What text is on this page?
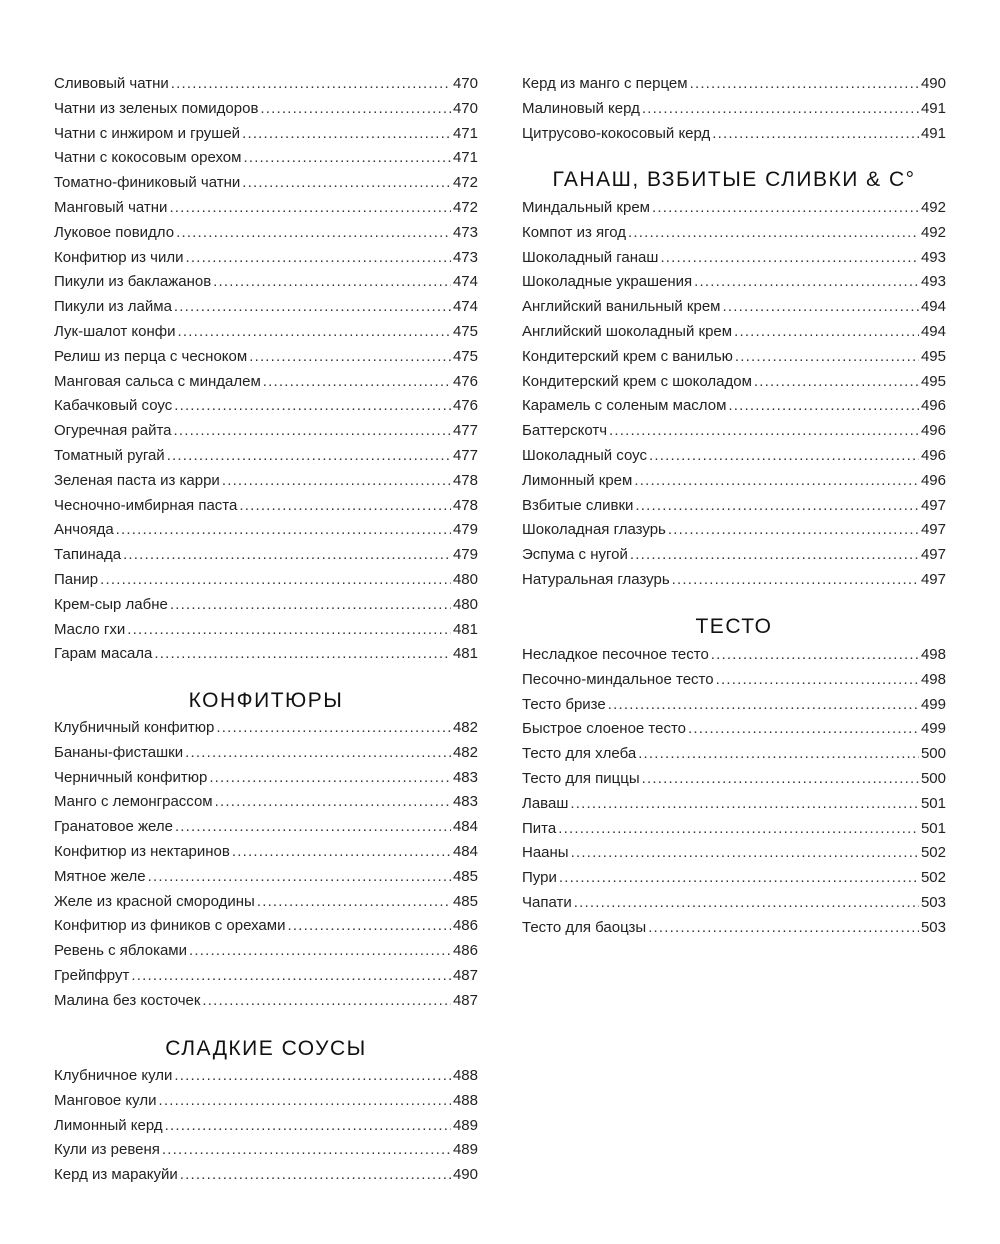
Сливовый чатни .....	470
Чатни из зеленых помидоров .....	470
Чатни с инжиром и грушей .....	471
Чатни с кокосовым орехом .....	471
Томатно-финиковый чатни .....	472
Манговый чатни .....	472
Луковое повидло .....	473
Конфитюр из чили .....	473
Пикули из баклажанов .....	474
Пикули из лайма .....	474
Лук-шалот конфи .....	475
Релиш из перца с чесноком .....	475
Манговая сальса с миндалем .....	476
Кабачковый соус .....	476
Огуречная райта .....	477
Томатный ругай .....	477
Зеленая паста из карри .....	478
Чесночно-имбирная паста .....	478
Анчояда .....	479
Тапинада .....	479
Панир .....	480
Крем-сыр лабне .....	480
Масло гхи .....	481
Гарам масала .....	481
КОНФИТЮРЫ
Клубничный конфитюр .....	482
Бананы-фисташки .....	482
Черничный конфитюр .....	483
Манго с лемонграссом .....	483
Гранатовое желе .....	484
Конфитюр из нектаринов .....	484
Мятное желе .....	485
Желе из красной смородины .....	485
Конфитюр из фиников с орехами .....	486
Ревень с яблоками .....	486
Грейпфрут .....	487
Малина без косточек .....	487
СЛАДКИЕ СОУСЫ
Клубничное кули .....	488
Манговое кули .....	488
Лимонный керд .....	489
Кули из ревеня .....	489
Керд из маракуйи .....	490
Керд из манго с перцем .....	490
Малиновый керд .....	491
Цитрусово-кокосовый керд .....	491
ГАНАШ, ВЗБИТЫЕ СЛИВКИ & C°
Миндальный крем .....	492
Компот из ягод .....	492
Шоколадный ганаш .....	493
Шоколадные украшения .....	493
Английский ванильный крем .....	494
Английский шоколадный крем .....	494
Кондитерский крем с ванилью .....	495
Кондитерский крем с шоколадом .....	495
Карамель с соленым маслом .....	496
Баттерскотч .....	496
Шоколадный соус .....	496
Лимонный крем .....	496
Взбитые сливки .....	497
Шоколадная глазурь .....	497
Эспума с нугой .....	497
Натуральная глазурь .....	497
ТЕСТО
Несладкое песочное тесто .....	498
Песочно-миндальное тесто .....	498
Тесто бризе .....	499
Быстрое слоеное тесто .....	499
Тесто для хлеба .....	500
Тесто для пиццы .....	500
Лаваш .....	501
Пита .....	501
Нааны .....	502
Пури .....	502
Чапати .....	503
Тесто для баоцзы .....	503
